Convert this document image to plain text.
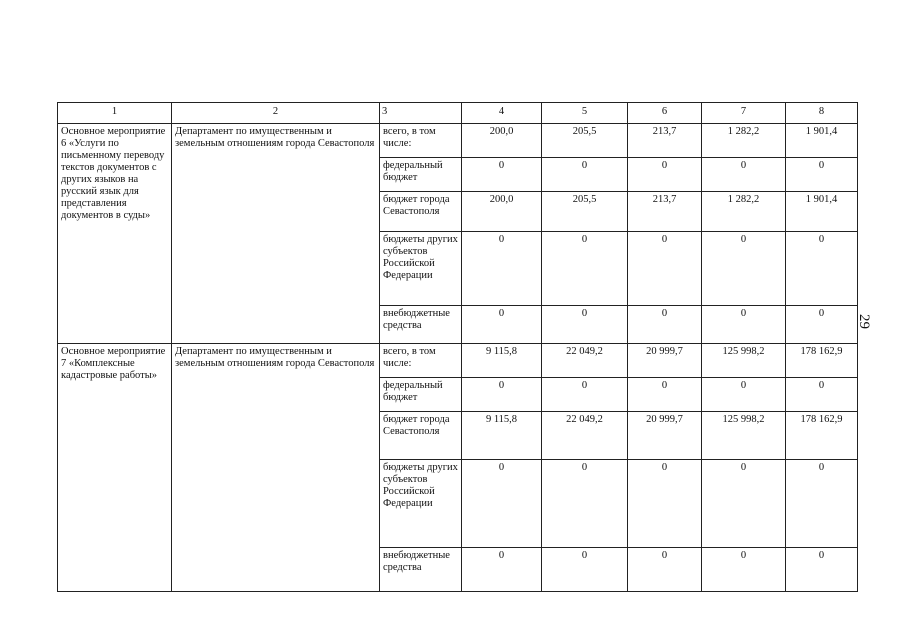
1	2	3	4	5	6	7	8
Основное мероприятие 6 «Услуги по письменному переводу текстов документов с других языков на русский язык для представления документов в суды»	Департамент по имущественным и земельным отношениям города Севастополя	всего, в том числе:	200,0	205,5	213,7	1 282,2	1 901,4
		федеральный бюджет	0	0	0	0	0
		бюджет города Севастополя	200,0	205,5	213,7	1 282,2	1 901,4
		бюджеты других субъектов Российской Федерации	0	0	0	0	0
		внебюджетные средства	0	0	0	0	0
Основное мероприятие 7 «Комплексные кадастровые работы»	Департамент по имущественным и земельным отношениям города Севастополя	всего, в том числе:	9 115,8	22 049,2	20 999,7	125 998,2	178 162,9
		федеральный бюджет	0	0	0	0	0
		бюджет города Севастополя	9 115,8	22 049,2	20 999,7	125 998,2	178 162,9
		бюджеты других субъектов Российской Федерации	0	0	0	0	0
		внебюджетные средства	0	0	0	0	0
29
